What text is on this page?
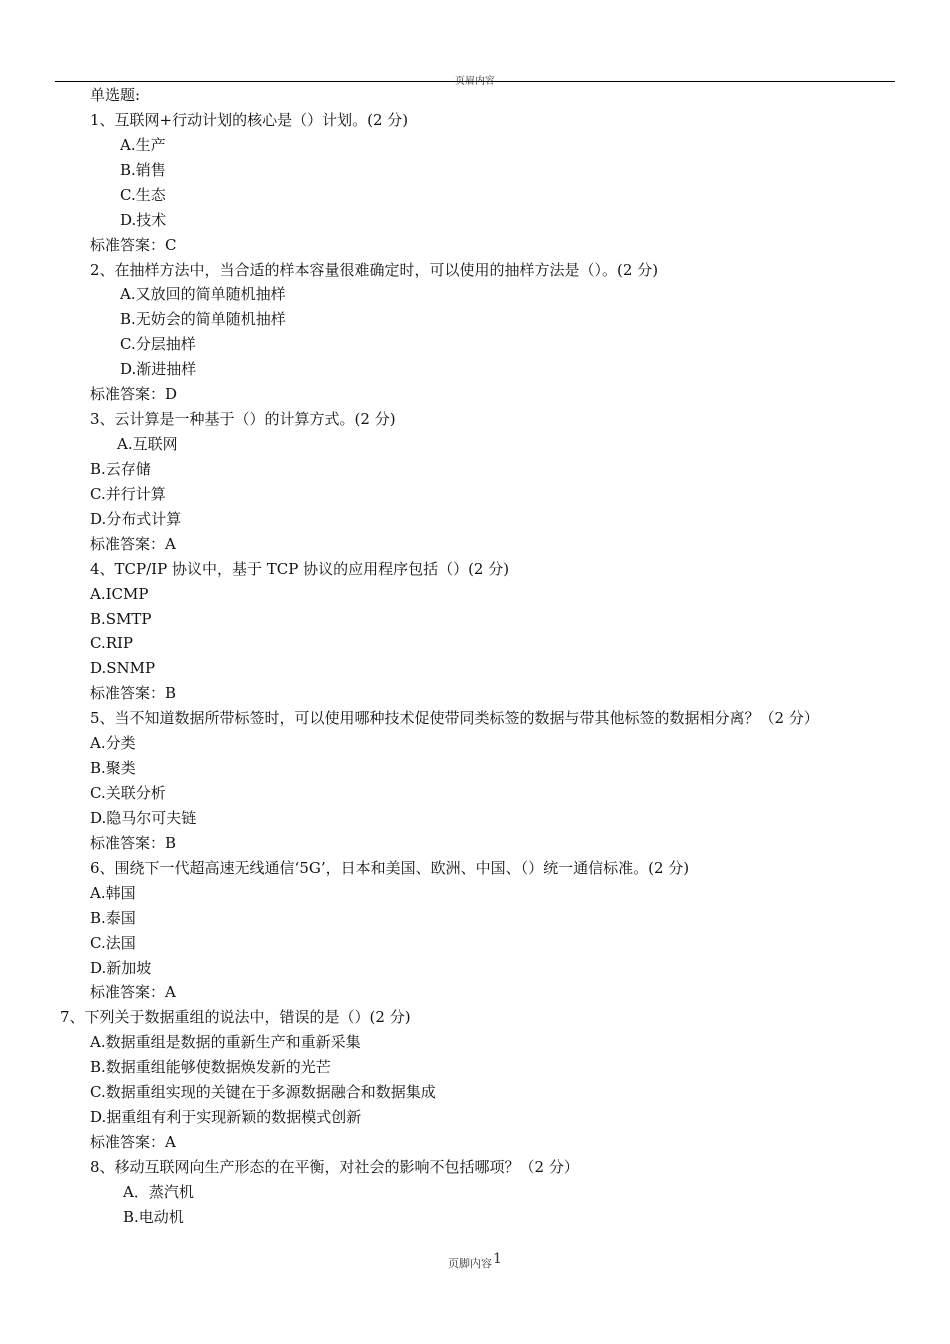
页眉内容
单选题:
1、互联网+行动计划的核心是（）计划。(2 分)
A.生产
B.销售
C.生态
D.技术
标准答案：C
2、在抽样方法中，当合适的样本容量很难确定时，可以使用的抽样方法是（）。(2 分)
A.又放回的简单随机抽样
B.无妨会的简单随机抽样
C.分层抽样
D.渐进抽样
标准答案：D
3、云计算是一种基于（）的计算方式。(2 分)
A.互联网
B.云存储
C.并行计算
D.分布式计算
标准答案：A
4、TCP/IP 协议中，基于 TCP 协议的应用程序包括（）(2 分)
A.ICMP
B.SMTP
C.RIP
D.SNMP
标准答案：B
5、当不知道数据所带标签时，可以使用哪种技术促使带同类标签的数据与带其他标签的数据相分离？（2 分）
A.分类
B.聚类
C.关联分析
D.隐马尔可夫链
标准答案：B
6、围绕下一代超高速无线通信‘5G’，日本和美国、欧洲、中国、（）统一通信标准。(2 分)
A.韩国
B.泰国
C.法国
D.新加坡
标准答案：A
7、下列关于数据重组的说法中，错误的是（）(2 分)
A.数据重组是数据的重新生产和重新采集
B.数据重组能够使数据焕发新的光芒
C.数据重组实现的关键在于多源数据融合和数据集成
D.据重组有利于实现新颖的数据模式创新
标准答案：A
8、移动互联网向生产形态的在平衡，对社会的影响不包括哪项？（2 分）
A．蒸汽机
B.电动机
页脚内容1
